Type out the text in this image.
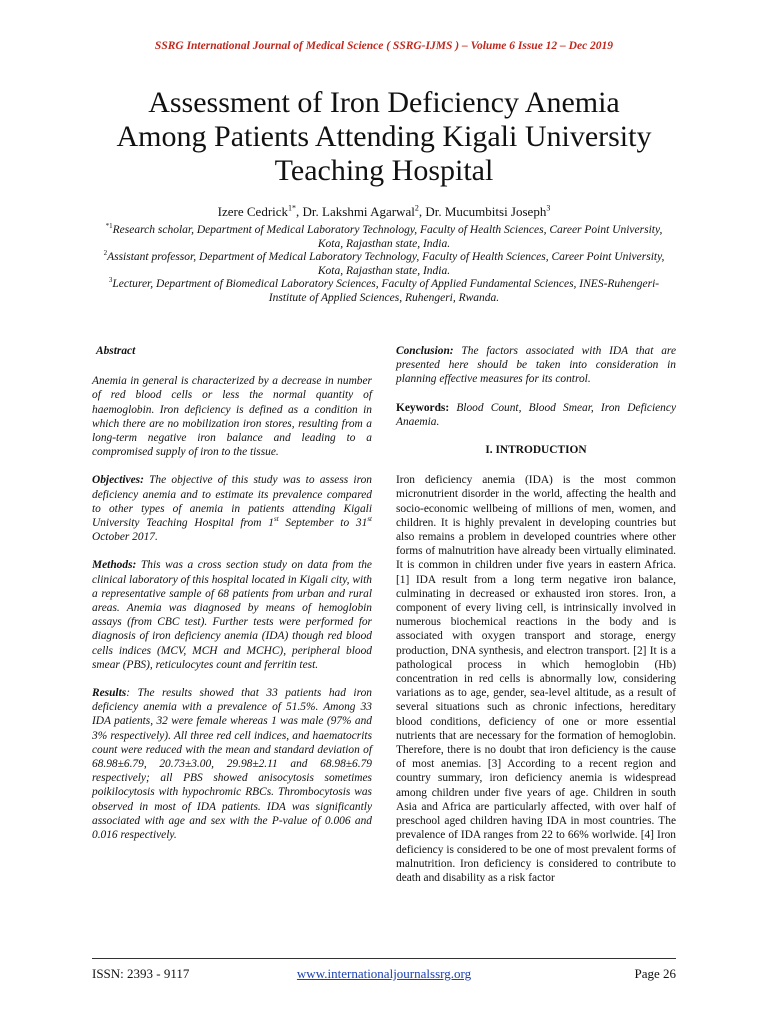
SSRG International Journal of Medical Science ( SSRG-IJMS ) – Volume 6 Issue 12 – Dec 2019
Assessment of Iron Deficiency Anemia
Among Patients Attending Kigali University
Teaching Hospital
Izere Cedrick$^{1*}$, Dr. Lakshmi Agarwal$^2$, Dr. Mucumbitsi Joseph$^3$
$^{*1}$Research scholar, Department of Medical Laboratory Technology, Faculty of Health Sciences, Career Point University, Kota, Rajasthan state, India.
$^2$Assistant professor, Department of Medical Laboratory Technology, Faculty of Health Sciences, Career Point University, Kota, Rajasthan state, India.
$^3$Lecturer, Department of Biomedical Laboratory Sciences, Faculty of Applied Fundamental Sciences, INES-Ruhengeri-Institute of Applied Sciences, Ruhengeri, Rwanda.
Abstract

Anemia in general is characterized by a decrease in number of red blood cells or less the normal quantity of haemoglobin. Iron deficiency is defined as a condition in which there are no mobilization iron stores, resulting from a long-term negative iron balance and leading to a compromised supply of iron to the tissue.

Objectives: The objective of this study was to assess iron deficiency anemia and to estimate its prevalence compared to other types of anemia in patients attending Kigali University Teaching Hospital from 1st September to 31st October 2017.

Methods: This was a cross section study on data from the clinical laboratory of this hospital located in Kigali city, with a representative sample of 68 patients from urban and rural areas. Anemia was diagnosed by means of hemoglobin assays (from CBC test). Further tests were performed for diagnosis of iron deficiency anemia (IDA) though red blood cells indices (MCV, MCH and MCHC), peripheral blood smear (PBS), reticulocytes count and ferritin test.

Results: The results showed that 33 patients had iron deficiency anemia with a prevalence of 51.5%. Among 33 IDA patients, 32 were female whereas 1 was male (97% and 3% respectively). All three red cell indices, and haematocrits count were reduced with the mean and standard deviation of 68.98±6.79, 20.73±3.00, 29.98±2.11 and 68.98±6.79 respectively; all PBS showed anisocytosis sometimes poikilocytosis with hypochromic RBCs. Thrombocytosis was observed in most of IDA patients. IDA was significantly associated with age and sex with the P-value of 0.006 and 0.016 respectively.

Conclusion: The factors associated with IDA that are presented here should be taken into consideration in planning effective measures for its control.

Keywords: Blood Count, Blood Smear, Iron Deficiency Anaemia.

I. INTRODUCTION

Iron deficiency anemia (IDA) is the most common micronutrient disorder in the world, affecting the health and socio-economic wellbeing of millions of men, women, and children. It is highly prevalent in developing countries but also remains a problem in developed countries where other forms of malnutrition have already been virtually eliminated. It is common in children under five years in eastern Africa. [1] IDA result from a long term negative iron balance, culminating in decreased or exhausted iron stores. Iron, a component of every living cell, is intrinsically involved in numerous biochemical reactions in the body and is associated with oxygen transport and storage, energy production, DNA synthesis, and electron transport. [2] It is a pathological process in which hemoglobin (Hb) concentration in red cells is abnormally low, considering variations as to age, gender, sea-level altitude, as a result of several situations such as chronic infections, hereditary blood conditions, deficiency of one or more essential nutrients that are necessary for the formation of hemoglobin. Therefore, there is no doubt that iron deficiency is the cause of most anemias. [3] According to a recent region and country summary, iron deficiency anemia is widespread among children under five years of age. Children in south Asia and Africa are particularly affected, with over half of preschool aged children having IDA in most countries. The prevalence of IDA ranges from 22 to 66% worlwide. [4] Iron deficiency is considered to be one of most prevalent forms of malnutrition. Iron deficiency is considered to contribute to death and disability as a risk factor

ISSN: 2393 - 9117	www.internationaljournalssrg.org	Page 26
